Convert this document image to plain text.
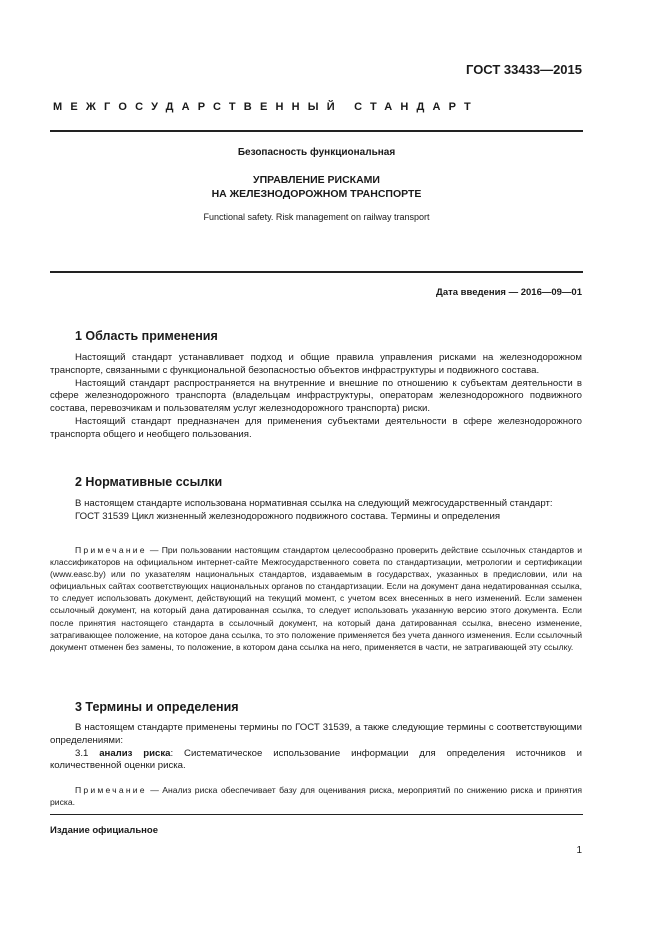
ГОСТ 33433—2015
МЕЖГОСУДАРСТВЕННЫЙ СТАНДАРТ
Безопасность функциональная
УПРАВЛЕНИЕ РИСКАМИ
НА ЖЕЛЕЗНОДОРОЖНОМ ТРАНСПОРТЕ
Functional safety. Risk management on railway transport
Дата введения — 2016—09—01
1 Область применения
Настоящий стандарт устанавливает подход и общие правила управления рисками на железнодорожном транспорте, связанными с функциональной безопасностью объектов инфраструктуры и подвижного состава.
Настоящий стандарт распространяется на внутренние и внешние по отношению к субъектам деятельности в сфере железнодорожного транспорта (владельцам инфраструктуры, операторам железнодорожного подвижного состава, перевозчикам и пользователям услуг железнодорожного транспорта) риски.
Настоящий стандарт предназначен для применения субъектами деятельности в сфере железнодорожного транспорта общего и необщего пользования.
2 Нормативные ссылки
В настоящем стандарте использована нормативная ссылка на следующий межгосударственный стандарт:
ГОСТ 31539 Цикл жизненный железнодорожного подвижного состава. Термины и определения
Примечание — При пользовании настоящим стандартом целесообразно проверить действие ссылочных стандартов и классификаторов на официальном интернет-сайте Межгосударственного совета по стандартизации, метрологии и сертификации (www.easc.by) или по указателям национальных стандартов, издаваемым в государствах, указанных в предисловии, или на официальных сайтах соответствующих национальных органов по стандартизации. Если на документ дана недатированная ссылка, то следует использовать документ, действующий на текущий момент, с учетом всех внесенных в него изменений. Если заменен ссылочный документ, на который дана датированная ссылка, то следует использовать указанную версию этого документа. Если после принятия настоящего стандарта в ссылочный документ, на который дана датированная ссылка, внесено изменение, затрагивающее положение, на которое дана ссылка, то это положение применяется без учета данного изменения. Если ссылочный документ отменен без замены, то положение, в котором дана ссылка на него, применяется в части, не затрагивающей эту ссылку.
3 Термины и определения
В настоящем стандарте применены термины по ГОСТ 31539, а также следующие термины с соответствующими определениями:
3.1 анализ риска: Систематическое использование информации для определения источников и количественной оценки риска.
Примечание — Анализ риска обеспечивает базу для оценивания риска, мероприятий по снижению риска и принятия риска.
Издание официальное
1
